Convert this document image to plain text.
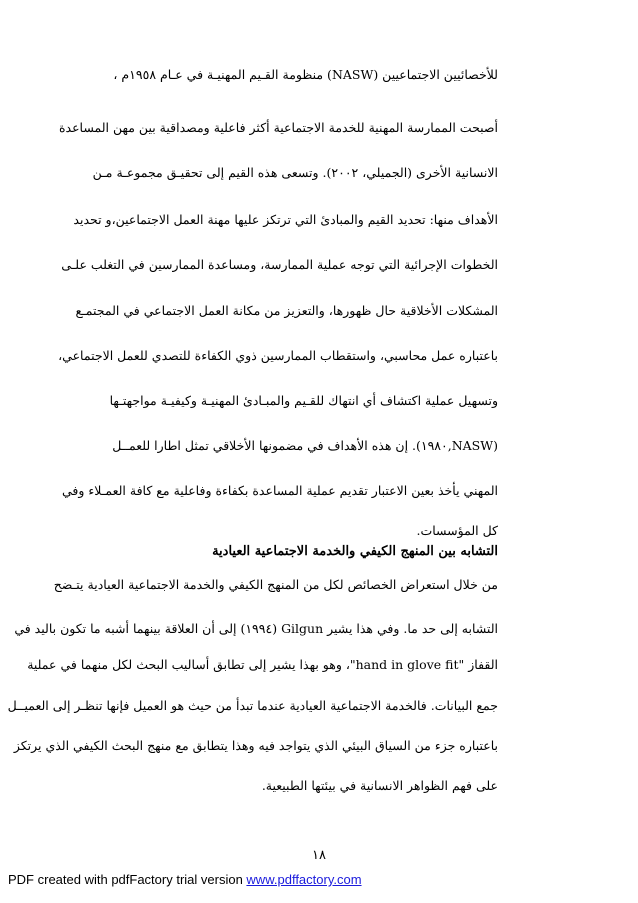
للأخصائيين الاجتماعيين (NASW) منظومة القـيم المهنيـة في عـام ١٩٥٨م ،
أصبحت الممارسة المهنية للخدمة الاجتماعية أكثر فاعلية ومصداقية بين مهن المساعدة
الانسانية الأخرى (الجميلي، ٢٠٠٢). وتسعى هذه القيم إلى تحقيـق مجموعـة مـن
الأهداف منها: تحديد القيم والمبادئ التي ترتكز عليها مهنة العمل الاجتماعين،و تحديد
الخطوات الإجرائية التي توجه عملية الممارسة، ومساعدة الممارسين في التغلب علـى
المشكلات الأخلاقية حال ظهورها، والتعزيز من مكانة العمل الاجتماعي في المجتمـع
باعتباره عمل محاسبي، واستقطاب الممارسين ذوي الكفاءة للتصدي للعمل الاجتماعي،
وتسهيل عملية اكتشاف أي انتهاك للقـيم والمبـادئ المهنيـة وكيفيـة مواجهتـها
(NASW,١٩٨٠). إن هذه الأهداف في مضمونها الأخلاقي تمثل اطارا للعمــل
المهني يأخذ بعين الاعتبار تقديم عملية المساعدة بكفاءة وفاعلية مع كافة العمـلاء وفي
كل المؤسسات.
التشابه بين المنهج الكيفي والخدمة الاجتماعية العيادية
من خلال استعراض الخصائص لكل من المنهج الكيفي والخدمة الاجتماعية العيادية يتـضح
التشابه إلى حد ما. وفي هذا يشير Gilgun (١٩٩٤) إلى أن العلاقة بينهما أشبه ما تكون باليد في
القفاز "hand in glove fit"، وهو بهذا يشير إلى تطابق أساليب البحث لكل منهما في عملية
جمع البيانات. فالخدمة الاجتماعية العيادية عندما تبدأ من حيث هو العميل فإنها تنظـر إلى العميــل
باعتباره جزء من السياق البيئي الذي يتواجد فيه وهذا يتطابق مع منهج البحث الكيفي الذي يرتكز
على فهم الظواهر الانسانية في بيئتها الطبيعية.
١٨
PDF created with pdfFactory trial version www.pdffactory.com
